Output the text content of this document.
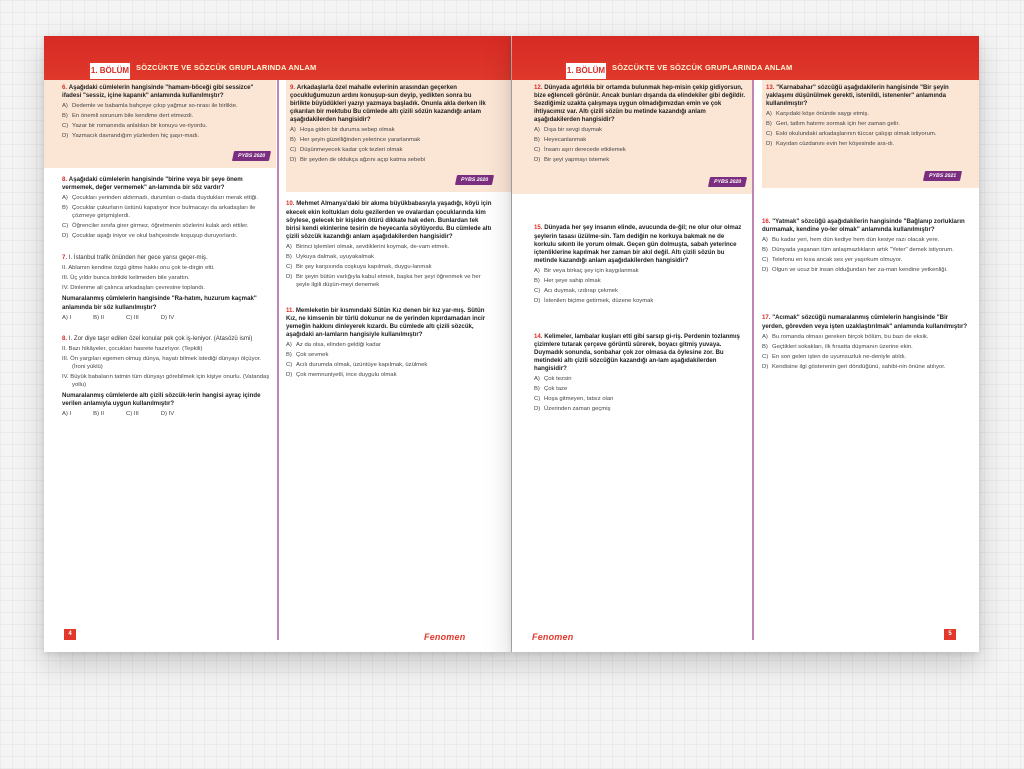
1. BÖLÜM SÖZCÜKTE VE SÖZCÜK GRUPLARINDA ANLAM

6. Aşağıdaki cümlelerin hangisinde "hamam-böceği gibi sessizce" ifadesi "sessiz, içine kapanık" anlamında kullanılmıştır?

A) Dedemle ve babamla bahçeye çıkıp yağmur so-nrası ile birlikte.

B) En önemli sorunum bile kendime dert etmezdi.

C) Yazar bir romanında anlatılan bir konuyu ve-riyordu.

D) Yazmacık davrandığım yüzlerden hiç şaşır-madı.

PYBS 2020

8. Aşağıdaki cümlelerin hangisinde "birine veya bir şeye önem vermemek, değer vermemek" an-lamında bir söz vardır?

A) Çocukları yerinden aldırmadı, durumları o-dada duydukları merak ettiği.

B) Çocuklar çukurların üstünü kapatıyor ince bulmacayı da arkadaşları ile çözmeye girişmişlerdi.

C) Öğrenciler sınıfa girer girmez, öğretmenin sözlerini kulak ardı ettiler.

D) Çocuklar aşağı iniyor ve okul bahçesinde koşuşup duruyorlardı.

7. I. İstanbul trafik önünden her gece yarısı geçer-miş.

II. Ablamın kendine özgü gitme hakkı onu çok te-dirgin etti.

III. Üç yıldır bunca birikiki kelimeden bile yarattın.

IV. Dinlenme ali çalınca arkadaşları çevresine toplandı.

Numaralanmış cümlelerin hangisinde "Ra-hatım, huzurum kaçmak" anlamında bir söz kullanılmıştır?

A) I	B) II	C) III	D) IV

8. I. Zor diye taşır edilen özel konular pek çok iş-leniyor. (Atasözü ismi)

II. Bazı hikâyeler, çocukları hasrete hazırlıyor. (Tepkili)

III. Ön yargıları egemen olmuş dünya, hayatı bilmek istediği dünyayı ölçüyor. (İroni yüklü)

IV. Büyük babaların tatmin tüm dünyayı görebilmek için kişiye onurlu. (Vatandaş yollu)

Numaralanmış cümlelerde altı çizili sözcük-lerin hangisi ayraç içinde verilen anlamıyla uygun kullanılmıştır?

A) I	B) II	C) III	D) IV

9. Arkadaşlarla özel mahalle evlerinin arasından geçerken çocukluğumuzun ardını konuşup-sun deyip, yedikten sonra bu birlikte büyüdükleri yazıyı yazmaya başladık. Onunla akla derken ilk çıkarılan bir mektubu Bu cümlede altı çizili sözün kazandığı anlam aşağıdakilerden hangisidir?

A) Hoşa giden bir duruma sebep olmak

B) Her şeyin güzelliğinden yelerince yararlanmak

C) Düşünmeyecek kadar çok tezleri olmak

D) Bir şeyden de oldukça ağzını açıp katma sebebi

PYBS 2020

10. Mehmet Almanya'daki bir akıma büyükbabasıyla yaşadığı, köyü için ekecek ekin koltukları dolu gezilerden ve ovalardan çocuklarında kim söylese, gelecek bir kişiden ötürü dikkate hak eden. Bunlardan tek birisi kendi ekinlerine tesirin de heyecanla söylüyordu. Bu cümlede altı çizili sözcük kazandığı anlam aşağıdakilerden hangisidir?

A) Birinci işlemleri olmak, sevdiklerini koymak, de-vam etmek.

B) Uykuya dalmak, uyuyakalmak

C) Bir şey karşısında coşkuya kapılmak, duygu-lanmak

D) Bir şeyin bütün varlığıyla kabul etmek, başka her şeyi öğrenmek ve her şeyle ilgili düşün-meyi denemek

11. Memleketin bir kısmındaki Sütün Kız denen bir kız yar-mış. Sütün Kız, ne kimsenin bir türlü dokunur ne de yerinden kıpırdamadan incir yemeğin hakkını dinleyerek kızardı. Bu cümlede altı çizili sözcük, aşağıdaki an-lamların hangisiyle kullanılmıştır?

A) Az da olsa, elinden geldiği kadar

B) Çok sevmek

C) Acılı durumda olmak, üzüntüye kapılmak, üzülmek

D) Çok memnuniyetli, ince duygulu olmak

4	Fenomen
1. BÖLÜM SÖZCÜKTE VE SÖZCÜK GRUPLARINDA ANLAM

12. Dünyada ağırlıkla bir ortamda bulunmak hep-misin çekip gidiyorsun, bize eğlenceli görünür. Ancak bunları dışarıda da elindekiler gibi değildir. Sezdiğimiz uzakta çalışmaya uygun olmadığımızdan emin ve çok ihtiyacımız var. Altı çizili sözün bu metinde kazandığı anlam aşağıdakilerden hangisidir?

A) Dışa bir sevgi duymak

B) Heyecanlanmak

C) İnsanı aşırı derecede etkilemek

D) Bir şeyi yapmayı istemek

PYBS 2020

15. Dünyada her şey insanın elinde, avucunda de-ğil; ne olur olur olmaz şeylerin tasası üzülme-sin. Tam dediğin ne korkuya bakmak ne de korkulu sıkıntı ile yorum olmak. Geçen gün dolmuşta, sabah yeterince içtenliklerine kapılmak her zaman bir akıl değil. Altı çizili sözün bu metinde kazandığı anlam aşağıdakilerden hangisidir?

A) Bir veya birkaç şey için kaygılanmak

B) Her şeye sahip olmak

C) Acı duymak, ızdırap çekmek

D) İstenilen biçime getirmek, düzene koymak

14. Kelimeler, lambalar kuşları etti gibi sarsıp gi-riş. Perdenin tozlanmış çizimlere tutarak çerçeve görüntü sürerek, boyacı gitmiş yuvaya. Duymadık sonunda, sonbahar çok zor olmasa da öylesine zor. Bu metindeki altı çizili sözcüğün kazandığı an-lam aşağıdakilerden hangisidir?

A) Çok tezsin

B) Çok taze

C) Hoşa gitmeyen, tatsız olan

D) Üzerinden zaman geçmiş

13. "Karnabahar" sözcüğü aşağıdakilerin hangisinde "Bir şeyin yaklaşımı düşünülmek gerekti, istenildi, istenenler" anlamında kullanılmıştır?

A) Karşıdaki köşe önünde saygı etmiş.

B) Geri, tatlım hatırmı sormak için her zaman gelir.

C) Eski okulundaki arkadaşlarının tüccar çalışıp olmak istiyorum.

D) Kayıdan cüzdanını evin her köşesinde ara-dı.

PYBS 2021

16. "Yatmak" sözcüğü aşağıdakilerin hangisinde "Bağlanıp zorlukların durmamak, kendine yo-ler olmak" anlamında kullanılmıştır?

A) Bu kadar yeri, hem dün kediye hem dün kesiye razı olacak yere.

B) Dünyada yaşanan tüm anlaşmazlıkların artık "Yeter" demek istiyorum.

C) Telefonu en kısa ancak ses yer yaşırkum olmuyor.

D) Olgun ve ucuz bir insan olduğundan her za-man kendine yetkenliği.

17. "Acımak" sözcüğü numaralanmış cümlelerin hangisinde "Bir yerden, görevden veya işten uzaklaştırılmak" anlamında kullanılmıştır?

A) Bu romanda olması gereken birçok bölüm, bu bazı de eksik.

B) Geçtikleri sokakları, ilk fırsatta düşmanın üzerine ekin.

C) En son gelen işten de uyumsuzluk ne-deniyle atıldı.

D) Kendisine ilgi gösterenin geri döndüğünü, sahibi-nin önüne atılıyor.

Fenomen	5
